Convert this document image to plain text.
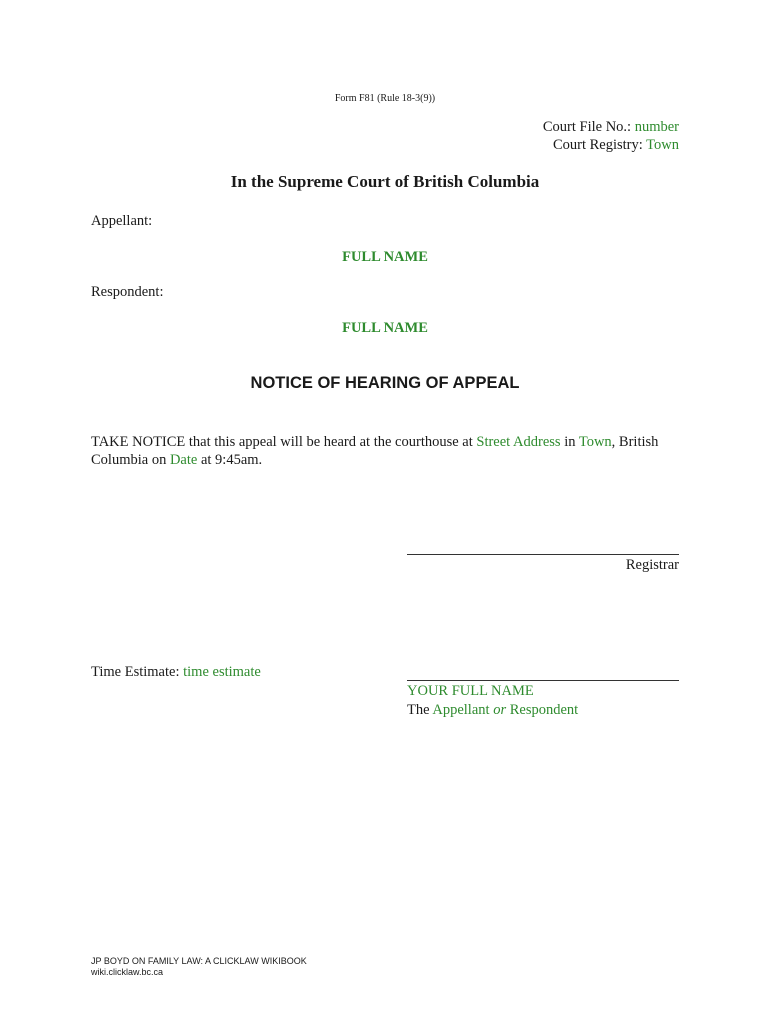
Form F81 (Rule 18-3(9))
Court File No.: number
Court Registry: Town
In the Supreme Court of British Columbia
Appellant:
FULL NAME
Respondent:
FULL NAME
NOTICE OF HEARING OF APPEAL
TAKE NOTICE that this appeal will be heard at the courthouse at Street Address in Town, British Columbia on Date at 9:45am.
Registrar
Time Estimate: time estimate
YOUR FULL NAME
The Appellant or Respondent
JP BOYD ON FAMILY LAW: A CLICKLAW WIKIBOOK
wiki.clicklaw.bc.ca
